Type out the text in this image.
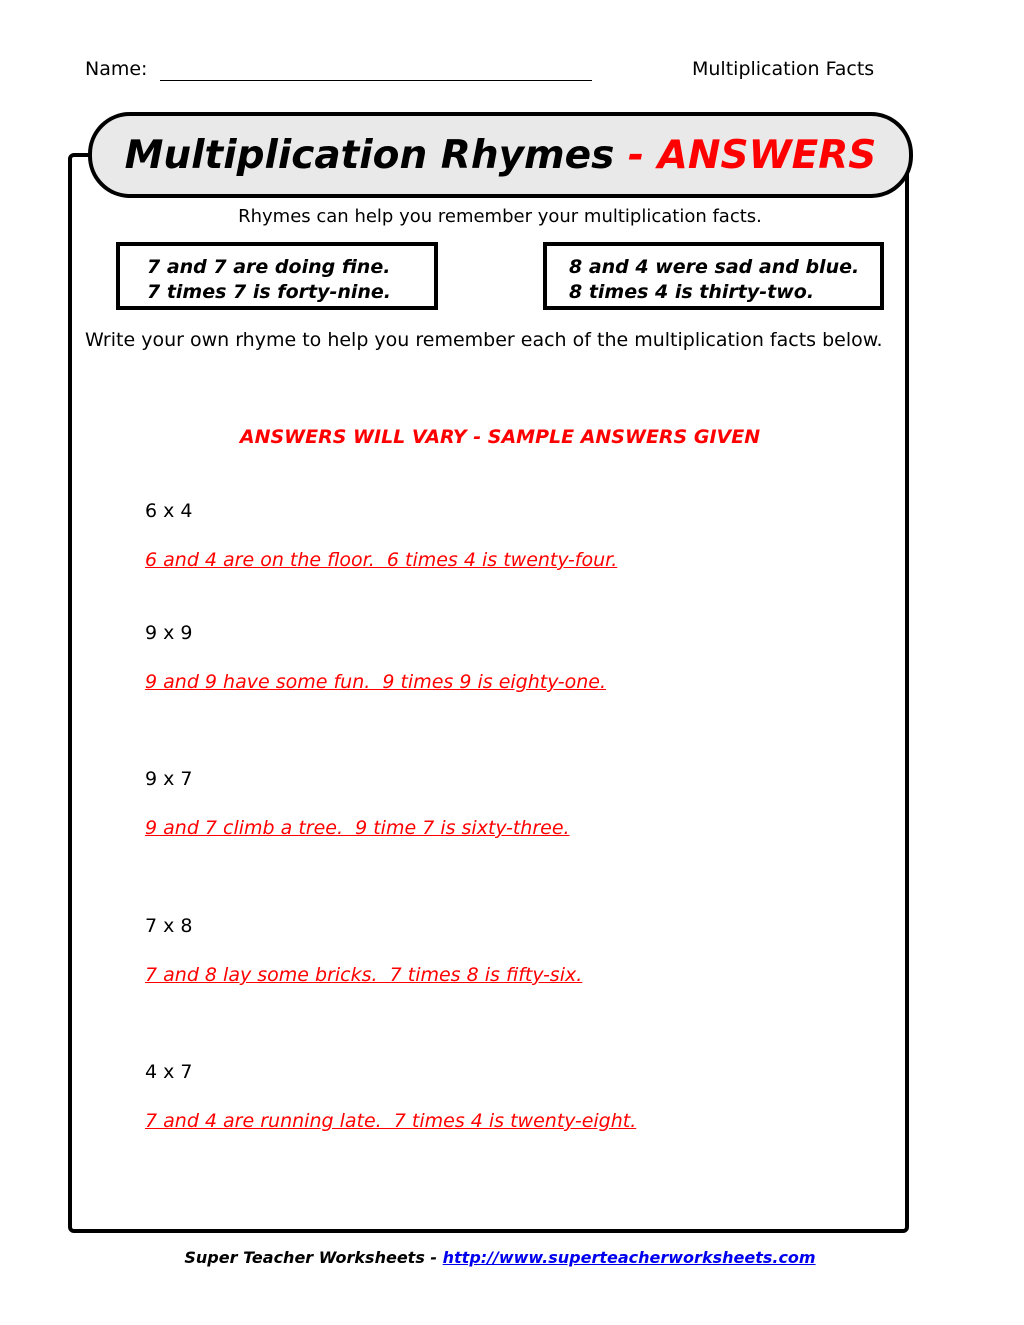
Name:	Multiplication Facts
Multiplication Rhymes - ANSWERS
Rhymes can help you remember your multiplication facts.
7 and 7 are doing fine.
7 times 7 is forty-nine.
8 and 4 were sad and blue.
8 times 4 is thirty-two.
Write your own rhyme to help you remember each of the multiplication facts below.
ANSWERS WILL VARY - SAMPLE ANSWERS GIVEN
6 x 4
6 and 4 are on the floor.  6 times 4 is twenty-four.
9 x 9
9 and 9 have some fun.  9 times 9 is eighty-one.
9 x 7
9 and 7 climb a tree.  9 time 7 is sixty-three.
7 x 8
7 and 8 lay some bricks.  7 times 8 is fifty-six.
4 x 7
7 and 4 are running late.  7 times 4 is twenty-eight.
Super Teacher Worksheets - http://www.superteacherworksheets.com
